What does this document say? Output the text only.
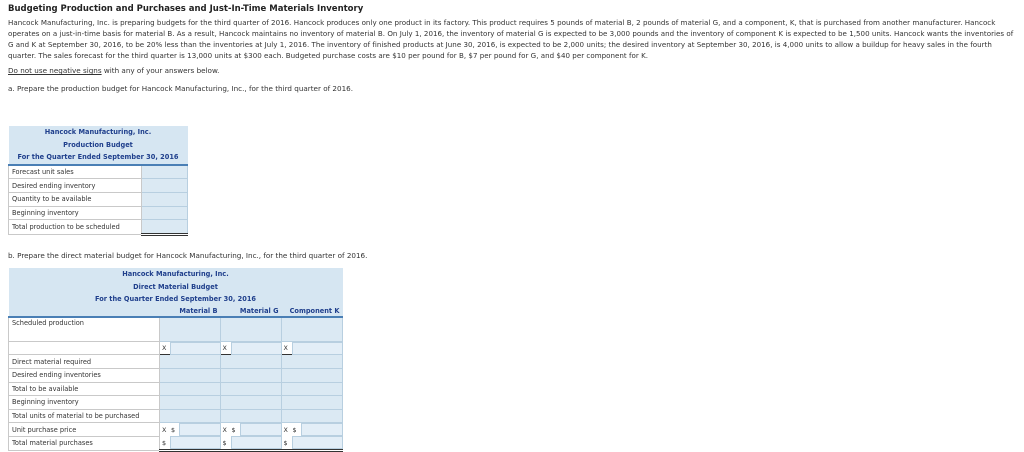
Budgeting Production and Purchases and Just-In-Time Materials Inventory

Hancock Manufacturing, Inc. is preparing budgets for the third quarter of 2016. Hancock produces only one product in its factory. This product requires 5 pounds of material B, 2 pounds of material G, and a component, K, that is purchased from another manufacturer. Hancock operates on a just-in-time basis for material B. As a result, Hancock maintains no inventory of material B. On July 1, 2016, the inventory of material G is expected to be 3,000 pounds and the inventory of component K is expected to be 1,500 units. Hancock wants the inventories of G and K at September 30, 2016, to be 20% less than the inventories at July 1, 2016. The inventory of finished products at June 30, 2016, is expected to be 2,000 units; the desired inventory at September 30, 2016, is 4,000 units to allow a buildup for heavy sales in the fourth quarter. The sales forecast for the third quarter is 13,000 units at $300 each. Budgeted purchase costs are $10 per pound for B, $7 per pound for G, and $40 per component for K.

Do not use negative signs with any of your answers below.

a. Prepare the production budget for Hancock Manufacturing, Inc., for the third quarter of 2016.

Hancock Manufacturing, Inc.	
Production Budget	
For the Quarter Ended September 30, 2016	
Forecast unit sales	
Desired ending inventory	
Quantity to be available	
Beginning inventory	
Total production to be scheduled	

b. Prepare the direct material budget for Hancock Manufacturing, Inc., for the third quarter of 2016.

Hancock Manufacturing, Inc.			
Direct Material Budget			
For the Quarter Ended September 30, 2016			
	Material B	Material G	Component K
Scheduled production			

	X	X	X

Direct material required			
Desired ending inventories			
Total to be available			
Beginning inventory			
Total units of material to be purchased			
Unit purchase price	X $	X $	X $

Total material purchases	$	$	$
